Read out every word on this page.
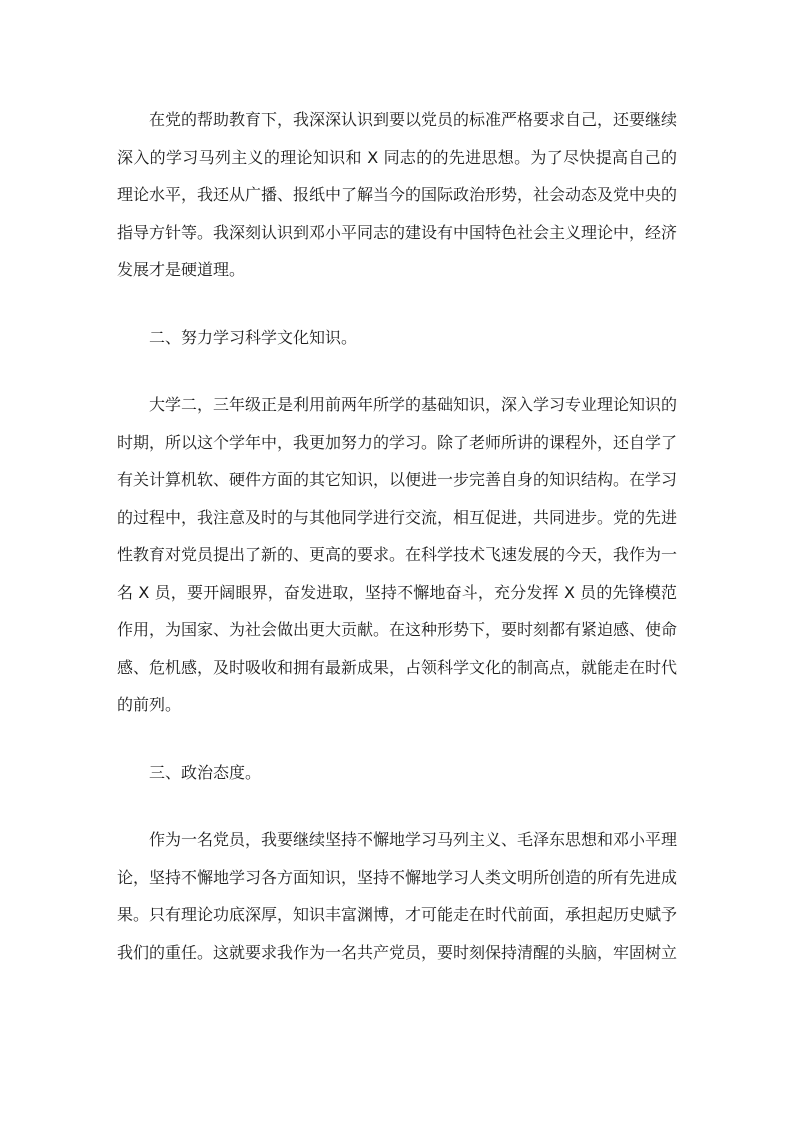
在党的帮助教育下，我深深认识到要以党员的标准严格要求自己，还要继续深入的学习马列主义的理论知识和 X 同志的的先进思想。为了尽快提高自己的理论水平，我还从广播、报纸中了解当今的国际政治形势，社会动态及党中央的指导方针等。我深刻认识到邓小平同志的建设有中国特色社会主义理论中，经济发展才是硬道理。

二、努力学习科学文化知识。

大学二，三年级正是利用前两年所学的基础知识，深入学习专业理论知识的时期，所以这个学年中，我更加努力的学习。除了老师所讲的课程外，还自学了有关计算机软、硬件方面的其它知识，以便进一步完善自身的知识结构。在学习的过程中，我注意及时的与其他同学进行交流，相互促进，共同进步。党的先进性教育对党员提出了新的、更高的要求。在科学技术飞速发展的今天，我作为一名 X 员，要开阔眼界，奋发进取，坚持不懈地奋斗，充分发挥 X 员的先锋模范作用，为国家、为社会做出更大贡献。在这种形势下，要时刻都有紧迫感、使命感、危机感，及时吸收和拥有最新成果，占领科学文化的制高点，就能走在时代的前列。

三、政治态度。

作为一名党员，我要继续坚持不懈地学习马列主义、毛泽东思想和邓小平理论，坚持不懈地学习各方面知识，坚持不懈地学习人类文明所创造的所有先进成果。只有理论功底深厚，知识丰富渊博，才可能走在时代前面，承担起历史赋予我们的重任。这就要求我作为一名共产党员，要时刻保持清醒的头脑，牢固树立
